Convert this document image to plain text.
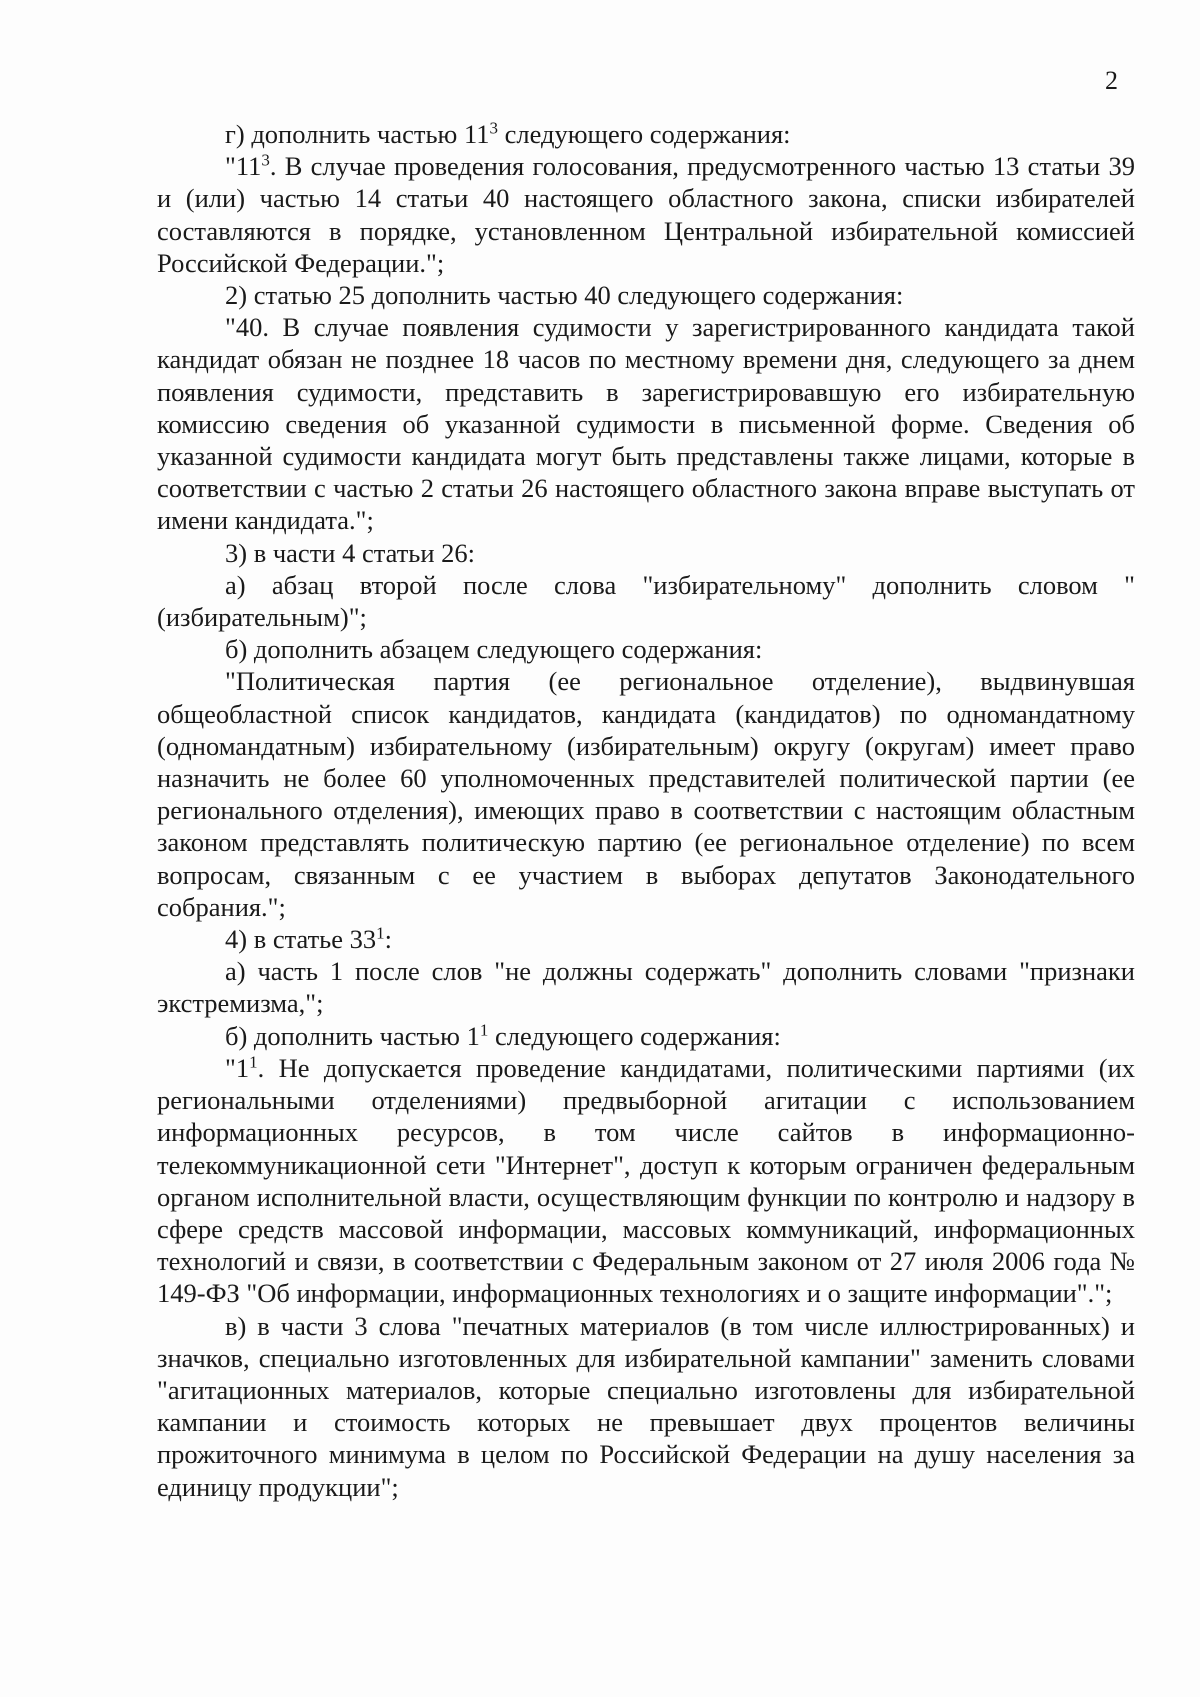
2

г) дополнить частью $11^3$ следующего содержания:

"$11^3$. В случае проведения голосования, предусмотренного частью 13 статьи 39 и (или) частью 14 статьи 40 настоящего областного закона, списки избирателей составляются в порядке, установленном Центральной избирательной комиссией Российской Федерации.";

2) статью 25 дополнить частью 40 следующего содержания:

"40. В случае появления судимости у зарегистрированного кандидата такой кандидат обязан не позднее 18 часов по местному времени дня, следующего за днем появления судимости, представить в зарегистрировавшую его избирательную комиссию сведения об указанной судимости в письменной форме. Сведения об указанной судимости кандидата могут быть представлены также лицами, которые в соответствии с частью 2 статьи 26 настоящего областного закона вправе выступать от имени кандидата.";

3) в части 4 статьи 26:

а) абзац второй после слова "избирательному" дополнить словом "(избирательным)";

б) дополнить абзацем следующего содержания:

"Политическая партия (ее региональное отделение), выдвинувшая общеобластной список кандидатов, кандидата (кандидатов) по одномандатному (одномандатным) избирательному (избирательным) округу (округам) имеет право назначить не более 60 уполномоченных представителей политической партии (ее регионального отделения), имеющих право в соответствии с настоящим областным законом представлять политическую партию (ее региональное отделение) по всем вопросам, связанным с ее участием в выборах депутатов Законодательного собрания.";

4) в статье $33^1$:

а) часть 1 после слов "не должны содержать" дополнить словами "признаки экстремизма,";

б) дополнить частью $1^1$ следующего содержания:

"$1^1$. Не допускается проведение кандидатами, политическими партиями (их региональными отделениями) предвыборной агитации с использованием информационных ресурсов, в том числе сайтов в информационно-телекоммуникационной сети "Интернет", доступ к которым ограничен федеральным органом исполнительной власти, осуществляющим функции по контролю и надзору в сфере средств массовой информации, массовых коммуникаций, информационных технологий и связи, в соответствии с Федеральным законом от 27 июля 2006 года № 149-ФЗ "Об информации, информационных технологиях и о защите информации".";

в) в части 3 слова "печатных материалов (в том числе иллюстрированных) и значков, специально изготовленных для избирательной кампании" заменить словами "агитационных материалов, которые специально изготовлены для избирательной кампании и стоимость которых не превышает двух процентов величины прожиточного минимума в целом по Российской Федерации на душу населения за единицу продукции";
